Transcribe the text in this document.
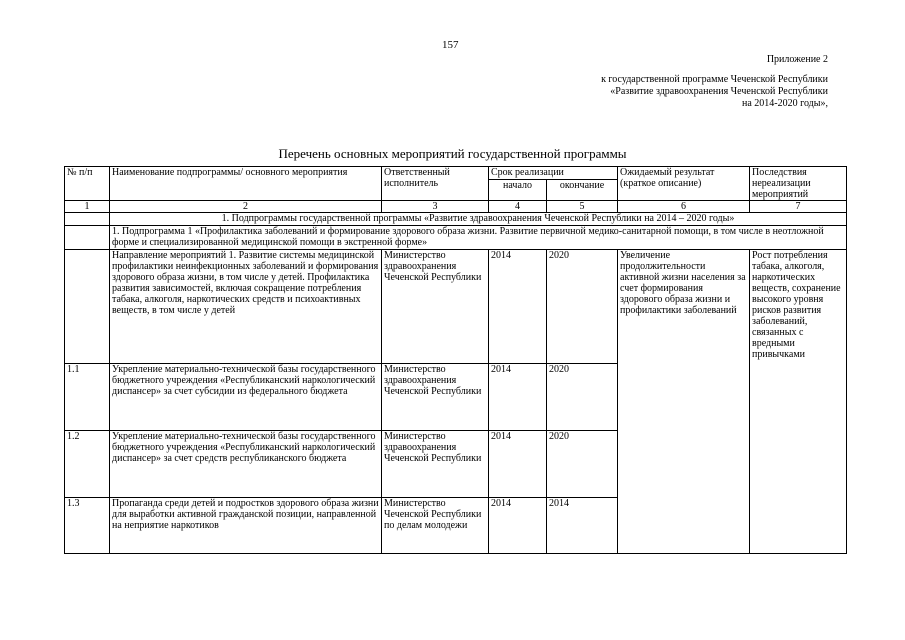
157
Приложение 2
к государственной программе Чеченской Республики
«Развитие здравоохранения Чеченской Республики
на 2014-2020 годы»,
Перечень основных мероприятий государственной программы
№ п/п	Наименование подпрограммы/ основного мероприятия	Ответственный исполнитель	Срок реализации		Ожидаемый результат (краткое описание)	Последствия нереализации мероприятий
			начало	окончание		
1	2	3	4	5	6	7
	1. Подпрограммы государственной программы «Развитие здравоохранения Чеченской Республики на 2014 – 2020 годы»					
	1. Подпрограмма 1 «Профилактика заболеваний и формирование здорового образа жизни. Развитие первичной медико-санитарной помощи, в том числе в неотложной форме и специализированной медицинской помощи в экстренной форме»					
	Направление мероприятий 1. Развитие системы медицинской профилактики неинфекционных заболеваний и формирования здорового образа жизни, в том числе у детей. Профилактика развития зависимостей, включая сокращение потребления табака, алкоголя, наркотических средств и психоактивных веществ, в том числе у детей	Министерство здравоохранения Чеченской Республики	2014	2020	Увеличение продолжительности активной жизни населения за счет формирования здорового образа жизни и профилактики заболеваний	Рост потребления табака, алкоголя, наркотических веществ, сохранение высокого уровня рисков развития заболеваний, связанных с вредными привычками
1.1	Укрепление материально-технической базы государственного бюджетного учреждения «Республиканский наркологический диспансер» за счет субсидии из федерального бюджета	Министерство здравоохранения Чеченской Республики	2014	2020		
1.2	Укрепление материально-технической базы государственного бюджетного учреждения «Республиканский наркологический диспансер» за счет средств республиканского бюджета	Министерство здравоохранения Чеченской Республики	2014	2020		
1.3	Пропаганда среди детей и подростков здорового образа жизни для выработки активной гражданской позиции, направленной на неприятие наркотиков	Министерство Чеченской Республики по делам молодежи	2014	2014		
